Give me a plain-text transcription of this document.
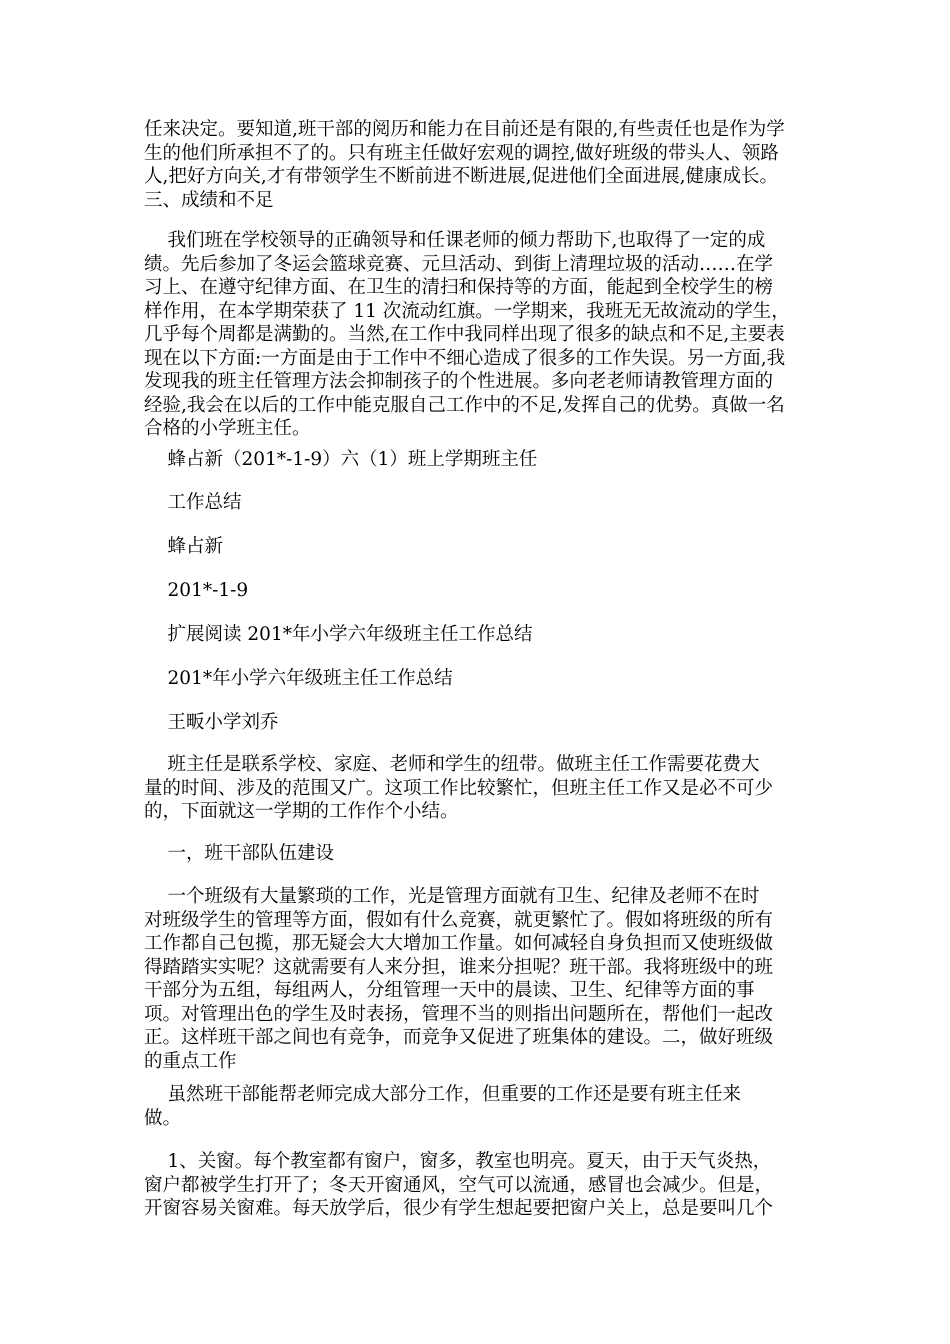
任来决定。要知道,班干部的阅历和能力在目前还是有限的,有些责任也是作为学
生的他们所承担不了的。只有班主任做好宏观的调控,做好班级的带头人、领路
人,把好方向关,才有带领学生不断前进不断进展,促进他们全面进展,健康成长。
三、成绩和不足
我们班在学校领导的正确领导和任课老师的倾力帮助下,也取得了一定的成
绩。先后参加了冬运会篮球竞赛、元旦活动、到街上清理垃圾的活动……在学
习上、在遵守纪律方面、在卫生的清扫和保持等的方面，能起到全校学生的榜
样作用，在本学期荣获了 11 次流动红旗。一学期来，我班无无故流动的学生，
几乎每个周都是满勤的。当然,在工作中我同样出现了很多的缺点和不足,主要表
现在以下方面:一方面是由于工作中不细心造成了很多的工作失误。另一方面,我
发现我的班主任管理方法会抑制孩子的个性进展。多向老老师请教管理方面的
经验,我会在以后的工作中能克服自己工作中的不足,发挥自己的优势。真做一名
合格的小学班主任。
蜂占新（201*-1-9）六（1）班上学期班主任
工作总结
蜂占新
201*-1-9
扩展阅读 201*年小学六年级班主任工作总结
201*年小学六年级班主任工作总结
王畈小学刘乔
班主任是联系学校、家庭、老师和学生的纽带。做班主任工作需要花费大
量的时间、涉及的范围又广。这项工作比较繁忙，但班主任工作又是必不可少
的，下面就这一学期的工作作个小结。
一，班干部队伍建设
一个班级有大量繁琐的工作，光是管理方面就有卫生、纪律及老师不在时
对班级学生的管理等方面，假如有什么竞赛，就更繁忙了。假如将班级的所有
工作都自己包揽，那无疑会大大增加工作量。如何减轻自身负担而又使班级做
得踏踏实实呢？这就需要有人来分担，谁来分担呢？班干部。我将班级中的班
干部分为五组，每组两人，分组管理一天中的晨读、卫生、纪律等方面的事
项。对管理出色的学生及时表扬，管理不当的则指出问题所在，帮他们一起改
正。这样班干部之间也有竞争，而竞争又促进了班集体的建设。二，做好班级
的重点工作
虽然班干部能帮老师完成大部分工作，但重要的工作还是要有班主任来
做。
1、关窗。每个教室都有窗户，窗多，教室也明亮。夏天，由于天气炎热，
窗户都被学生打开了；冬天开窗通风，空气可以流通，感冒也会减少。但是，
开窗容易关窗难。每天放学后，很少有学生想起要把窗户关上，总是要叫几个
